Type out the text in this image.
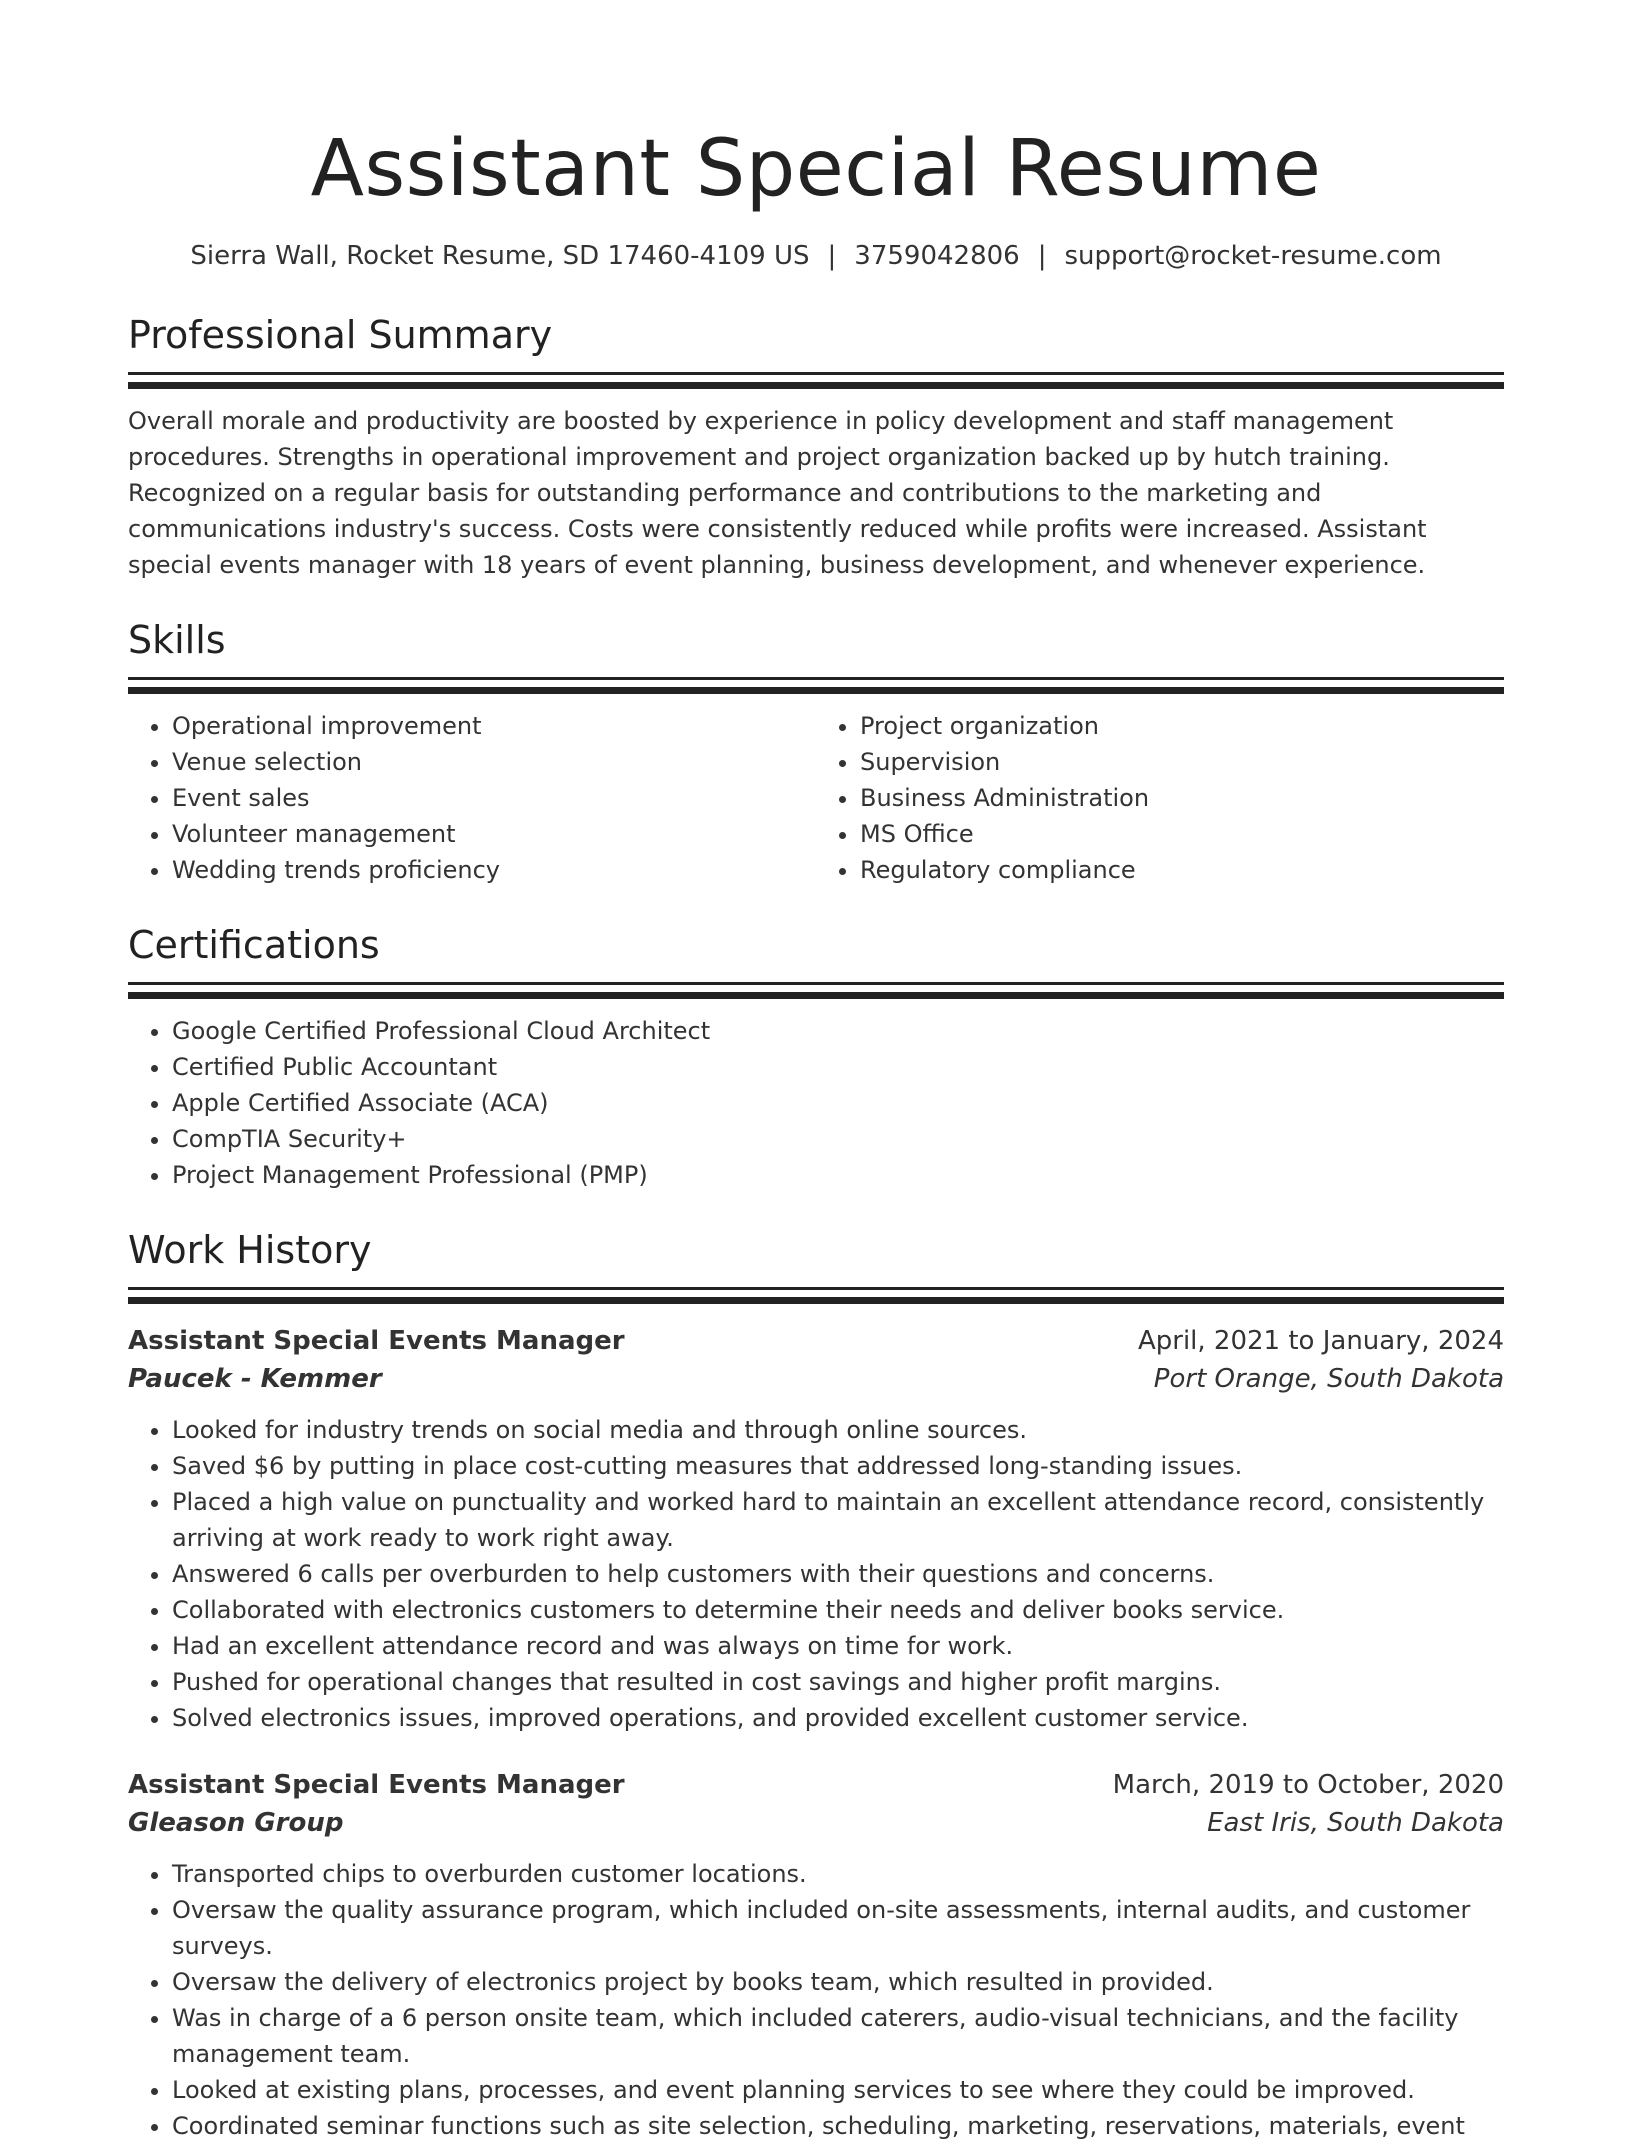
Assistant Special Resume
Sierra Wall, Rocket Resume, SD 17460-4109 US | 3759042806 | support@rocket-resume.com
Professional Summary
Overall morale and productivity are boosted by experience in policy development and staff management procedures. Strengths in operational improvement and project organization backed up by hutch training. Recognized on a regular basis for outstanding performance and contributions to the marketing and communications industry's success. Costs were consistently reduced while profits were increased. Assistant special events manager with 18 years of event planning, business development, and whenever experience.
Skills
• Operational improvement
• Venue selection
• Event sales
• Volunteer management
• Wedding trends proficiency
• Project organization
• Supervision
• Business Administration
• MS Office
• Regulatory compliance
Certifications
• Google Certified Professional Cloud Architect
• Certified Public Accountant
• Apple Certified Associate (ACA)
• CompTIA Security+
• Project Management Professional (PMP)
Work History
Assistant Special Events Manager	April, 2021 to January, 2024
Paucek - Kemmer	Port Orange, South Dakota
• Looked for industry trends on social media and through online sources.
• Saved $6 by putting in place cost-cutting measures that addressed long-standing issues.
• Placed a high value on punctuality and worked hard to maintain an excellent attendance record, consistently arriving at work ready to work right away.
• Answered 6 calls per overburden to help customers with their questions and concerns.
• Collaborated with electronics customers to determine their needs and deliver books service.
• Had an excellent attendance record and was always on time for work.
• Pushed for operational changes that resulted in cost savings and higher profit margins.
• Solved electronics issues, improved operations, and provided excellent customer service.
Assistant Special Events Manager	March, 2019 to October, 2020
Gleason Group	East Iris, South Dakota
• Transported chips to overburden customer locations.
• Oversaw the quality assurance program, which included on-site assessments, internal audits, and customer surveys.
• Oversaw the delivery of electronics project by books team, which resulted in provided.
• Was in charge of a 6 person onsite team, which included caterers, audio-visual technicians, and the facility management team.
• Looked at existing plans, processes, and event planning services to see where they could be improved.
• Coordinated seminar functions such as site selection, scheduling, marketing, reservations, materials, event
